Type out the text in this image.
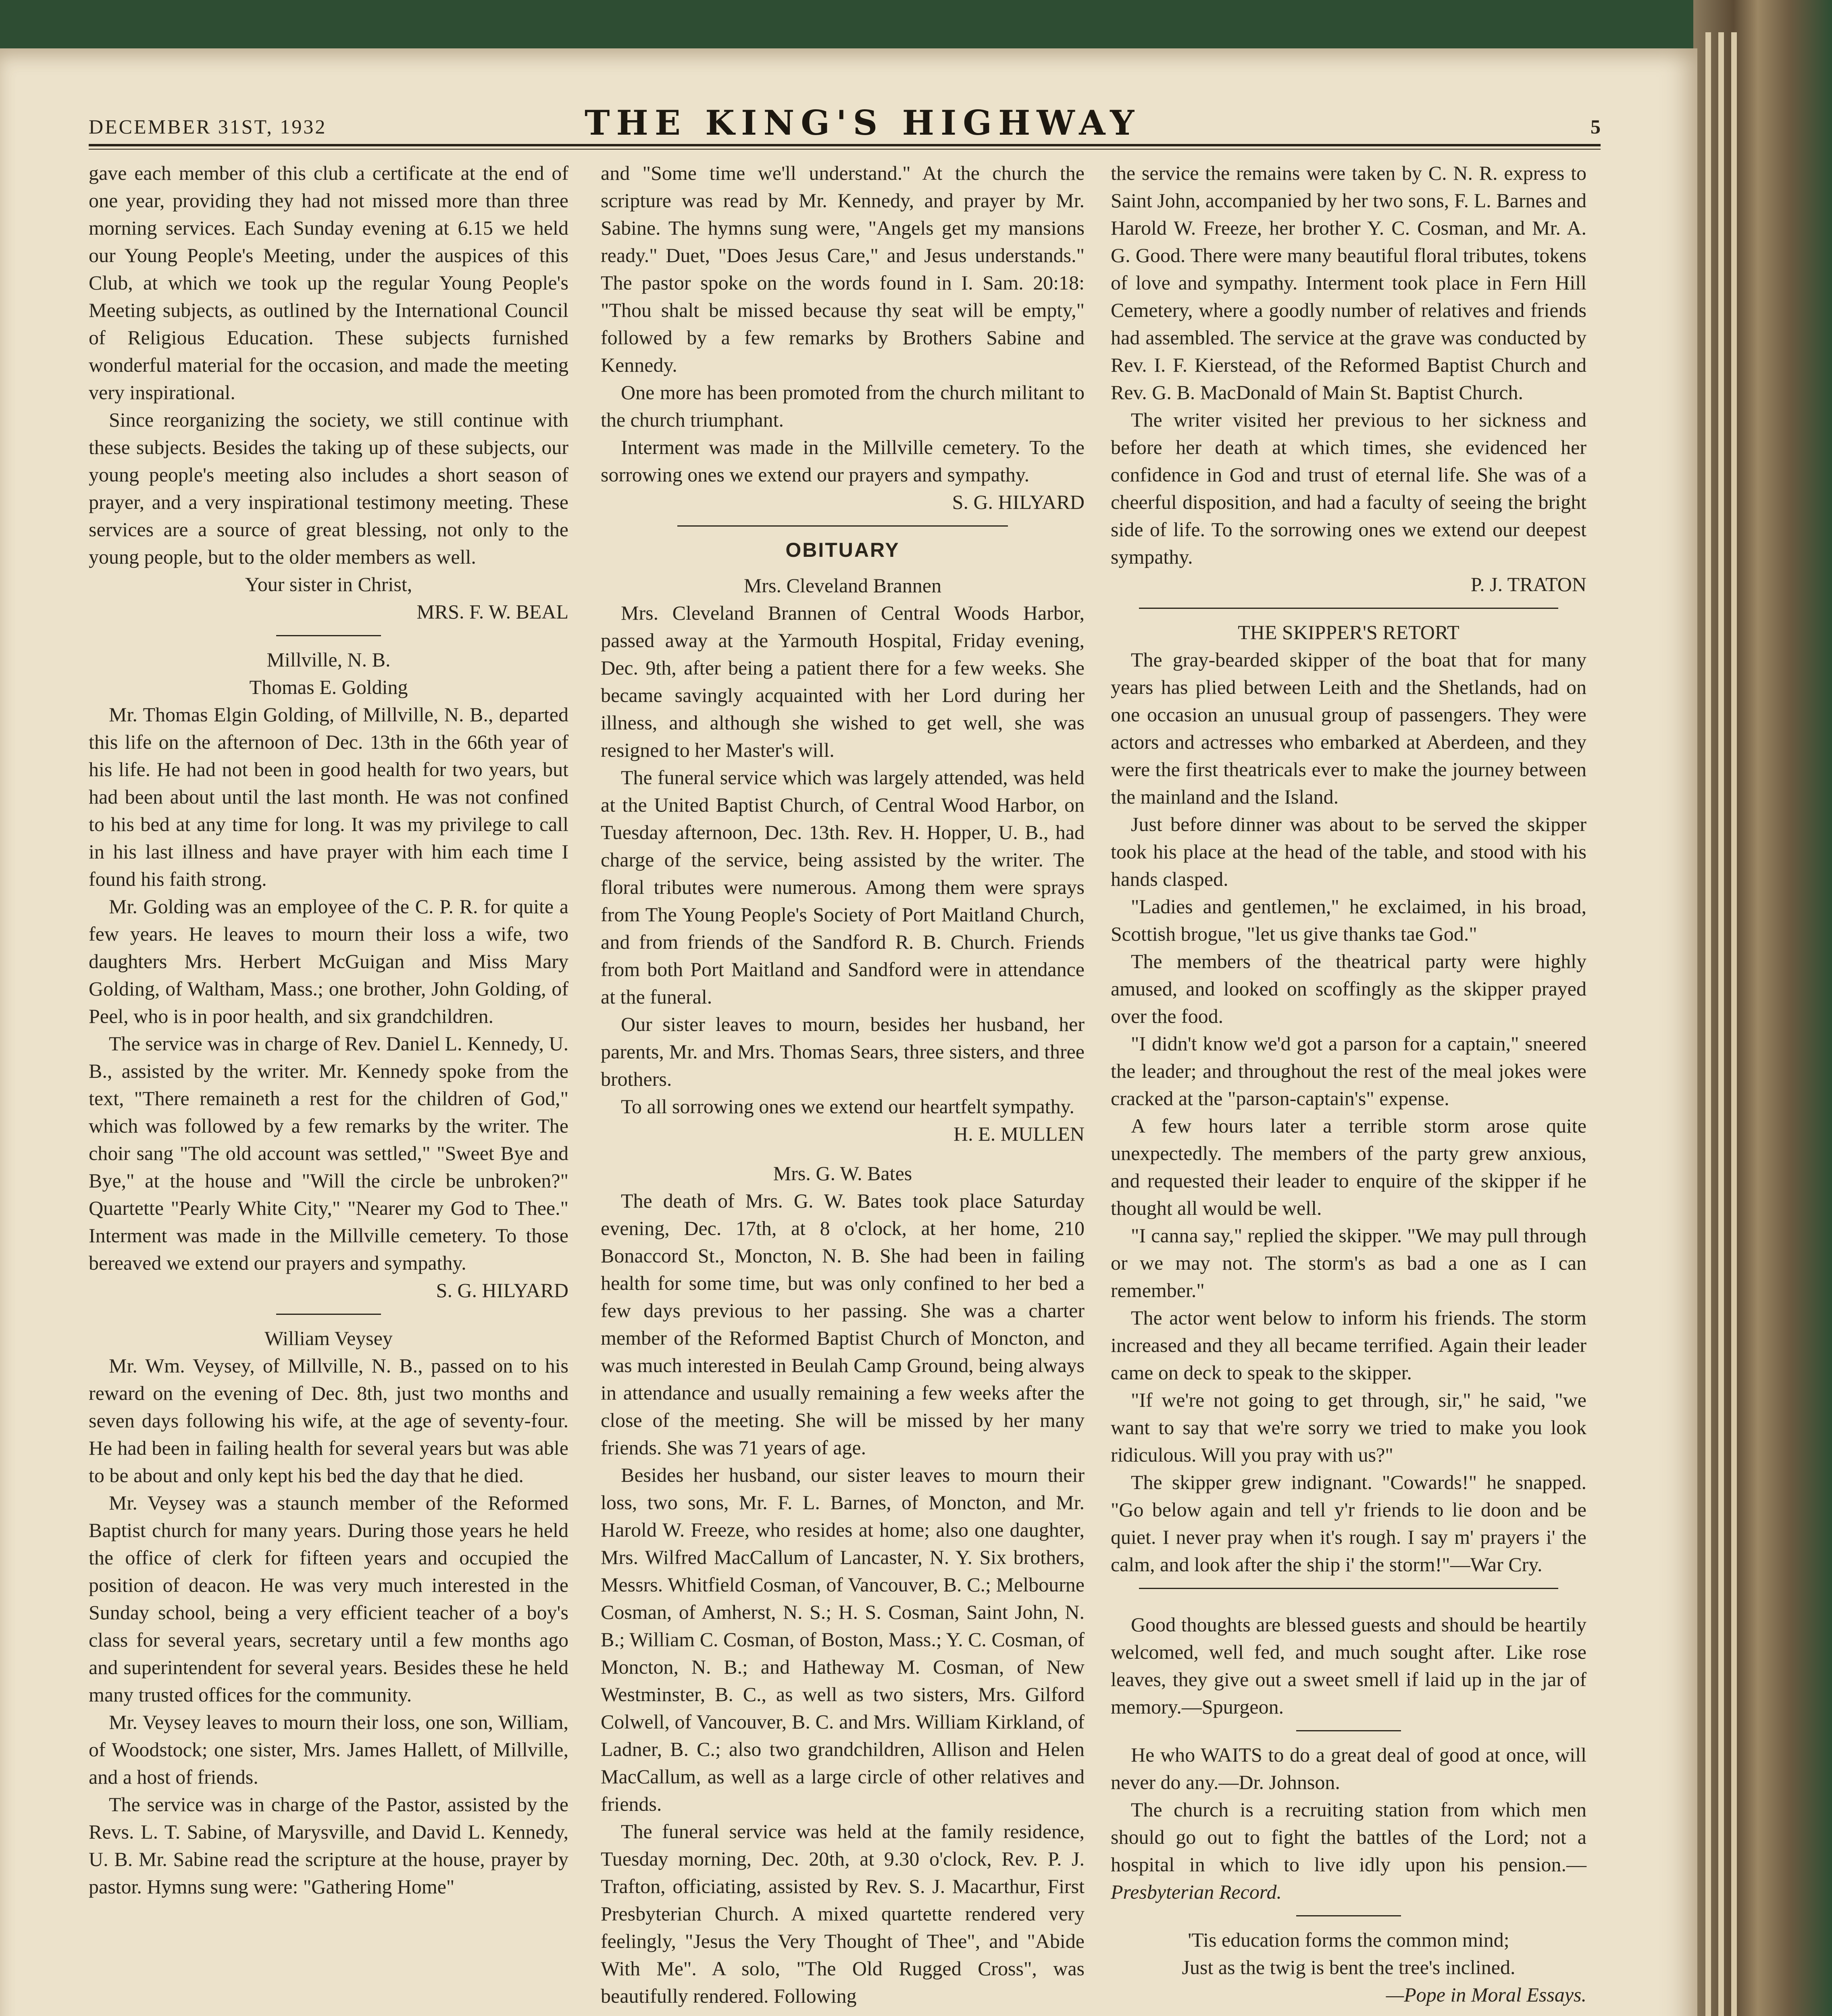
DECEMBER 31ST, 1932	THE KING'S HIGHWAY	5

gave each member of this club a certificate at the end of one year, providing they had not missed more than three morning services. Each Sunday evening at 6.15 we held our Young People's Meeting, under the auspices of this Club, at which we took up the regular Young People's Meeting subjects, as outlined by the International Council of Religious Education. These subjects furnished wonderful material for the occasion, and made the meeting very inspirational.

Since reorganizing the society, we still continue with these subjects. Besides the taking up of these subjects, our young people's meeting also includes a short season of prayer, and a very inspirational testimony meeting. These services are a source of great blessing, not only to the young people, but to the older members as well.

Your sister in Christ,

MRS. F. W. BEAL

Millville, N. B.

Thomas E. Golding

Mr. Thomas Elgin Golding, of Millville, N. B., departed this life on the afternoon of Dec. 13th in the 66th year of his life. He had not been in good health for two years, but had been about until the last month. He was not confined to his bed at any time for long. It was my privilege to call in his last illness and have prayer with him each time I found his faith strong.

Mr. Golding was an employee of the C. P. R. for quite a few years. He leaves to mourn their loss a wife, two daughters Mrs. Herbert McGuigan and Miss Mary Golding, of Waltham, Mass.; one brother, John Golding, of Peel, who is in poor health, and six grandchildren.

The service was in charge of Rev. Daniel L. Kennedy, U. B., assisted by the writer. Mr. Kennedy spoke from the text, "There remaineth a rest for the children of God," which was followed by a few remarks by the writer. The choir sang "The old account was settled," "Sweet Bye and Bye," at the house and "Will the circle be unbroken?" Quartette "Pearly White City," "Nearer my God to Thee." Interment was made in the Millville cemetery. To those bereaved we extend our prayers and sympathy.

S. G. HILYARD

William Veysey

Mr. Wm. Veysey, of Millville, N. B., passed on to his reward on the evening of Dec. 8th, just two months and seven days following his wife, at the age of seventy-four. He had been in failing health for several years but was able to be about and only kept his bed the day that he died.

Mr. Veysey was a staunch member of the Reformed Baptist church for many years. During those years he held the office of clerk for fifteen years and occupied the position of deacon. He was very much interested in the Sunday school, being a very efficient teacher of a boy's class for several years, secretary until a few months ago and superintendent for several years. Besides these he held many trusted offices for the community.

Mr. Veysey leaves to mourn their loss, one son, William, of Woodstock; one sister, Mrs. James Hallett, of Millville, and a host of friends.

The service was in charge of the Pastor, assisted by the Revs. L. T. Sabine, of Marysville, and David L. Kennedy, U. B. Mr. Sabine read the scripture at the house, prayer by pastor. Hymns sung were: "Gathering Home"

and "Some time we'll understand." At the church the scripture was read by Mr. Kennedy, and prayer by Mr. Sabine. The hymns sung were, "Angels get my mansions ready." Duet, "Does Jesus Care," and Jesus understands." The pastor spoke on the words found in I. Sam. 20:18: "Thou shalt be missed because thy seat will be empty," followed by a few remarks by Brothers Sabine and Kennedy.

One more has been promoted from the church militant to the church triumphant.

Interment was made in the Millville cemetery. To the sorrowing ones we extend our prayers and sympathy.

S. G. HILYARD

OBITUARY

Mrs. Cleveland Brannen

Mrs. Cleveland Brannen of Central Woods Harbor, passed away at the Yarmouth Hospital, Friday evening, Dec. 9th, after being a patient there for a few weeks. She became savingly acquainted with her Lord during her illness, and although she wished to get well, she was resigned to her Master's will.

The funeral service which was largely attended, was held at the United Baptist Church, of Central Wood Harbor, on Tuesday afternoon, Dec. 13th. Rev. H. Hopper, U. B., had charge of the service, being assisted by the writer. The floral tributes were numerous. Among them were sprays from The Young People's Society of Port Maitland Church, and from friends of the Sandford R. B. Church. Friends from both Port Maitland and Sandford were in attendance at the funeral.

Our sister leaves to mourn, besides her husband, her parents, Mr. and Mrs. Thomas Sears, three sisters, and three brothers.

To all sorrowing ones we extend our heartfelt sympathy.

H. E. MULLEN

Mrs. G. W. Bates

The death of Mrs. G. W. Bates took place Saturday evening, Dec. 17th, at 8 o'clock, at her home, 210 Bonaccord St., Moncton, N. B. She had been in failing health for some time, but was only confined to her bed a few days previous to her passing. She was a charter member of the Reformed Baptist Church of Moncton, and was much interested in Beulah Camp Ground, being always in attendance and usually remaining a few weeks after the close of the meeting. She will be missed by her many friends. She was 71 years of age.

Besides her husband, our sister leaves to mourn their loss, two sons, Mr. F. L. Barnes, of Moncton, and Mr. Harold W. Freeze, who resides at home; also one daughter, Mrs. Wilfred MacCallum of Lancaster, N. Y. Six brothers, Messrs. Whitfield Cosman, of Vancouver, B. C.; Melbourne Cosman, of Amherst, N. S.; H. S. Cosman, Saint John, N. B.; William C. Cosman, of Boston, Mass.; Y. C. Cosman, of Moncton, N. B.; and Hatheway M. Cosman, of New Westminster, B. C., as well as two sisters, Mrs. Gilford Colwell, of Vancouver, B. C. and Mrs. William Kirkland, of Ladner, B. C.; also two grandchildren, Allison and Helen MacCallum, as well as a large circle of other relatives and friends.

The funeral service was held at the family residence, Tuesday morning, Dec. 20th, at 9.30 o'clock, Rev. P. J. Trafton, officiating, assisted by Rev. S. J. Macarthur, First Presbyterian Church. A mixed quartette rendered very feelingly, "Jesus the Very Thought of Thee", and "Abide With Me". A solo, "The Old Rugged Cross", was beautifully rendered. Following

the service the remains were taken by C. N. R. express to Saint John, accompanied by her two sons, F. L. Barnes and Harold W. Freeze, her brother Y. C. Cosman, and Mr. A. G. Good. There were many beautiful floral tributes, tokens of love and sympathy. Interment took place in Fern Hill Cemetery, where a goodly number of relatives and friends had assembled. The service at the grave was conducted by Rev. I. F. Kierstead, of the Reformed Baptist Church and Rev. G. B. MacDonald of Main St. Baptist Church.

The writer visited her previous to her sickness and before her death at which times, she evidenced her confidence in God and trust of eternal life. She was of a cheerful disposition, and had a faculty of seeing the bright side of life. To the sorrowing ones we extend our deepest sympathy.

P. J. TRATON

THE SKIPPER'S RETORT

The gray-bearded skipper of the boat that for many years has plied between Leith and the Shetlands, had on one occasion an unusual group of passengers. They were actors and actresses who embarked at Aberdeen, and they were the first theatricals ever to make the journey between the mainland and the Island.

Just before dinner was about to be served the skipper took his place at the head of the table, and stood with his hands clasped.

"Ladies and gentlemen," he exclaimed, in his broad, Scottish brogue, "let us give thanks tae God."

The members of the theatrical party were highly amused, and looked on scoffingly as the skipper prayed over the food.

"I didn't know we'd got a parson for a captain," sneered the leader; and throughout the rest of the meal jokes were cracked at the "parson-captain's" expense.

A few hours later a terrible storm arose quite unexpectedly. The members of the party grew anxious, and requested their leader to enquire of the skipper if he thought all would be well.

"I canna say," replied the skipper. "We may pull through or we may not. The storm's as bad a one as I can remember."

The actor went below to inform his friends. The storm increased and they all became terrified. Again their leader came on deck to speak to the skipper.

"If we're not going to get through, sir," he said, "we want to say that we're sorry we tried to make you look ridiculous. Will you pray with us?"

The skipper grew indignant. "Cowards!" he snapped. "Go below again and tell y'r friends to lie doon and be quiet. I never pray when it's rough. I say m' prayers i' the calm, and look after the ship i' the storm!"—War Cry.

Good thoughts are blessed guests and should be heartily welcomed, well fed, and much sought after. Like rose leaves, they give out a sweet smell if laid up in the jar of memory.—Spurgeon.

He who WAITS to do a great deal of good at once, will never do any.—Dr. Johnson.

The church is a recruiting station from which men should go out to fight the battles of the Lord; not a hospital in which to live idly upon his pension.—Presbyterian Record.

'Tis education forms the common mind;

Just as the twig is bent the tree's inclined.

—Pope in Moral Essays.
